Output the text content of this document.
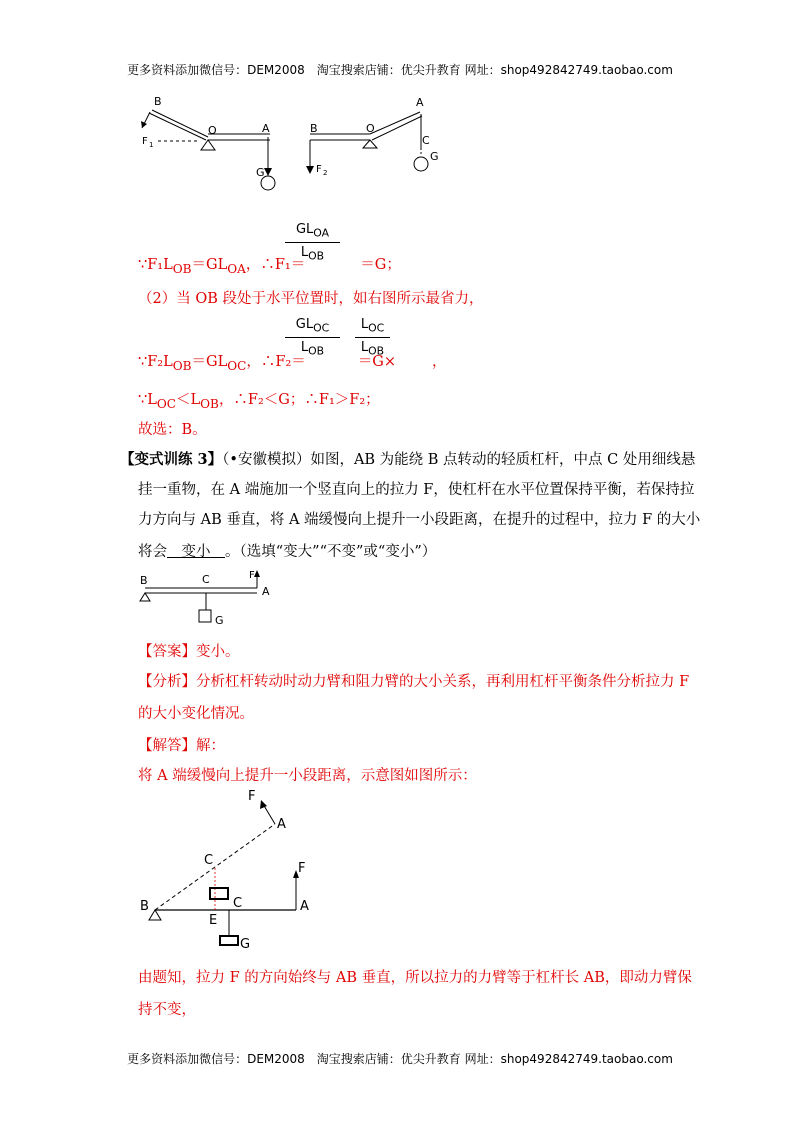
更多资料添加微信号：DEM2008　淘宝搜索店铺：优尖升教育 网址：shop492842749.taobao.com
B
F 1
O	A
G
B	O
A
C
F 2
G
$GL_{OA}$
$L_{OB}$
$\because F_1L_{OB}=GL_{OA}$，∴F₁＝	＝G；
（2）当 OB 段处于水平位置时，如右图所示最省力，
$GL_{OC}$
$L_{OB}$
$L_{OC}$
$L_{OB}$
$\because F_2L_{OB}=GL_{OC}$，∴F₂＝	＝G× ，
$\because L_{OC}<L_{OB}$，∴F₂＜G；∴F₁＞F₂；
故选：B。
【变式训练 3】（•安徽模拟）如图，AB 为能绕 B 点转动的轻质杠杆，中点 C 处用细线悬
挂一重物，在 A 端施加一个竖直向上的拉力 F，使杠杆在水平位置保持平衡，若保持拉
力方向与 AB 垂直，将 A 端缓慢向上提升一小段距离，在提升的过程中，拉力 F 的大小
将会　变小　。（选填“变大”“不变”或“变小”）
B	C	F
A
G
【答案】变小。
【分析】分析杠杆转动时动力臂和阻力臂的大小关系，再利用杠杆平衡条件分析拉力 F
的大小变化情况。
【解答】解：
将 A 端缓慢向上提升一小段距离，示意图如图所示：
F
A
C
F
B	C	A
E
G
由题知，拉力 F 的方向始终与 AB 垂直，所以拉力的力臂等于杠杆长 AB，即动力臂保
持不变，
更多资料添加微信号：DEM2008　淘宝搜索店铺：优尖升教育 网址：shop492842749.taobao.com
